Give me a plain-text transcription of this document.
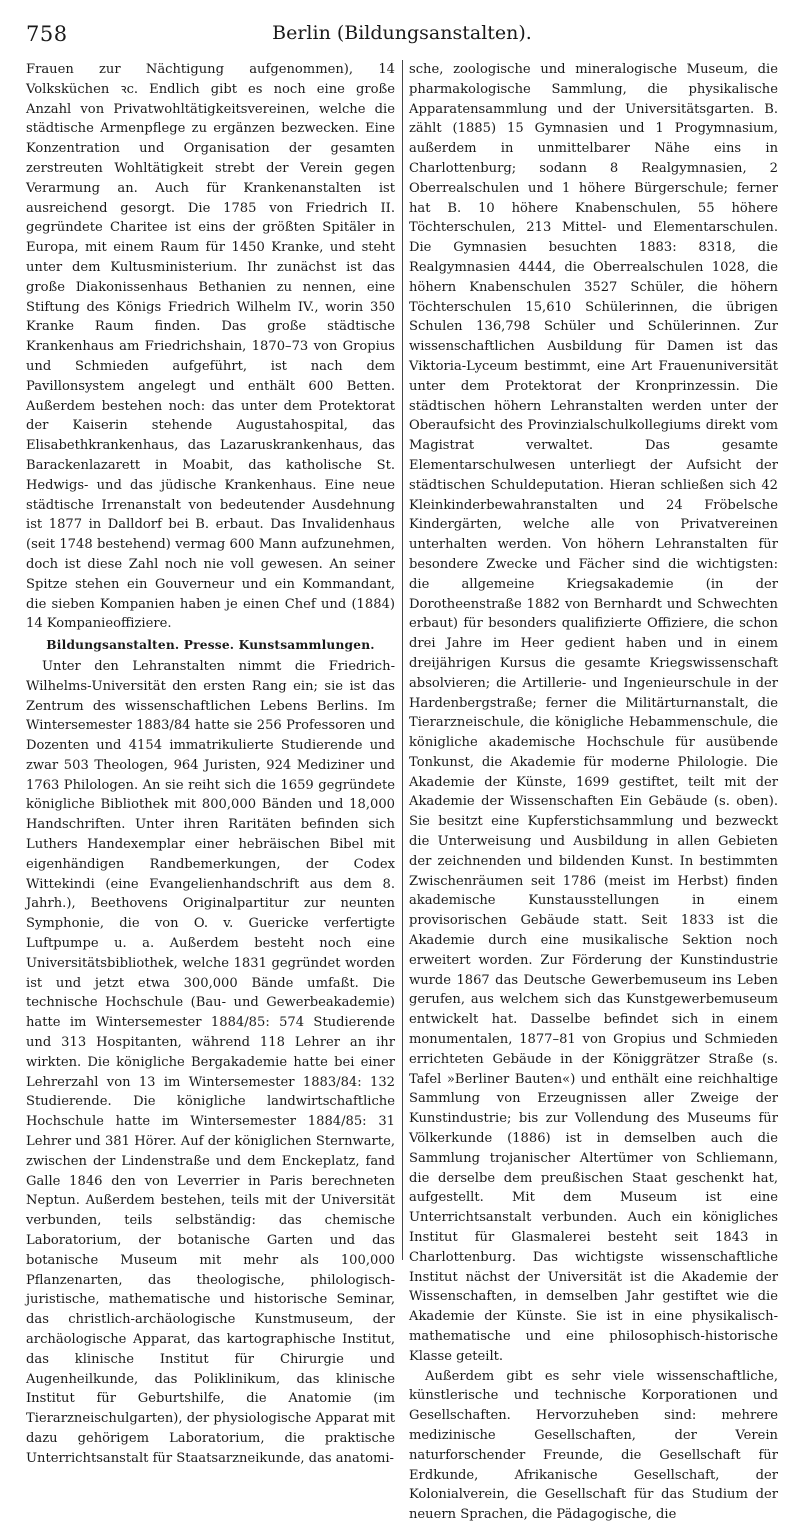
758	Berlin (Bildungsanstalten).

Frauen zur Nächtigung aufgenommen), 14 Volksküchen ꝛc. Endlich gibt es noch eine große Anzahl von Privatwohltätigkeitsvereinen, welche die städtische Armenpflege zu ergänzen bezwecken. Eine Konzentration und Organisation der gesamten zerstreuten Wohltätigkeit strebt der Verein gegen Verarmung an. Auch für Krankenanstalten ist ausreichend gesorgt. Die 1785 von Friedrich II. gegründete Charitee ist eins der größten Spitäler in Europa, mit einem Raum für 1450 Kranke, und steht unter dem Kultusministerium. Ihr zunächst ist das große Diakonissenhaus Bethanien zu nennen, eine Stiftung des Königs Friedrich Wilhelm IV., worin 350 Kranke Raum finden. Das große städtische Krankenhaus am Friedrichshain, 1870–73 von Gropius und Schmieden aufgeführt, ist nach dem Pavillonsystem angelegt und enthält 600 Betten. Außerdem bestehen noch: das unter dem Protektorat der Kaiserin stehende Augustahospital, das Elisabethkrankenhaus, das Lazaruskrankenhaus, das Barackenlazarett in Moabit, das katholische St. Hedwigs- und das jüdische Krankenhaus. Eine neue städtische Irrenanstalt von bedeutender Ausdehnung ist 1877 in Dalldorf bei B. erbaut. Das Invalidenhaus (seit 1748 bestehend) vermag 600 Mann aufzunehmen, doch ist diese Zahl noch nie voll gewesen. An seiner Spitze stehen ein Gouverneur und ein Kommandant, die sieben Kompanien haben je einen Chef und (1884) 14 Kompanieoffiziere.

Bildungsanstalten. Presse. Kunstsammlungen.

Unter den Lehranstalten nimmt die Friedrich-Wilhelms-Universität den ersten Rang ein; sie ist das Zentrum des wissenschaftlichen Lebens Berlins. Im Wintersemester 1883/84 hatte sie 256 Professoren und Dozenten und 4154 immatrikulierte Studierende und zwar 503 Theologen, 964 Juristen, 924 Mediziner und 1763 Philologen. An sie reiht sich die 1659 gegründete königliche Bibliothek mit 800,000 Bänden und 18,000 Handschriften. Unter ihren Raritäten befinden sich Luthers Handexemplar einer hebräischen Bibel mit eigenhändigen Randbemerkungen, der Codex Wittekindi (eine Evangelienhandschrift aus dem 8. Jahrh.), Beethovens Originalpartitur zur neunten Symphonie, die von O. v. Guericke verfertigte Luftpumpe u. a. Außerdem besteht noch eine Universitätsbibliothek, welche 1831 gegründet worden ist und jetzt etwa 300,000 Bände umfaßt. Die technische Hochschule (Bau- und Gewerbeakademie) hatte im Wintersemester 1884/85: 574 Studierende und 313 Hospitanten, während 118 Lehrer an ihr wirkten. Die königliche Bergakademie hatte bei einer Lehrerzahl von 13 im Wintersemester 1883/84: 132 Studierende. Die königliche landwirtschaftliche Hochschule hatte im Wintersemester 1884/85: 31 Lehrer und 381 Hörer. Auf der königlichen Sternwarte, zwischen der Lindenstraße und dem Enckeplatz, fand Galle 1846 den von Leverrier in Paris berechneten Neptun. Außerdem bestehen, teils mit der Universität verbunden, teils selbständig: das chemische Laboratorium, der botanische Garten und das botanische Museum mit mehr als 100,000 Pflanzenarten, das theologische, philologisch-juristische, mathematische und historische Seminar, das christlich-archäologische Kunstmuseum, der archäologische Apparat, das kartographische Institut, das klinische Institut für Chirurgie und Augenheilkunde, das Poliklinikum, das klinische Institut für Geburtshilfe, die Anatomie (im Tierarzneischulgarten), der physiologische Apparat mit dazu gehörigem Laboratorium, die praktische Unterrichtsanstalt für Staatsarzneikunde, das anatomi-

sche, zoologische und mineralogische Museum, die pharmakologische Sammlung, die physikalische Apparatensammlung und der Universitätsgarten. B. zählt (1885) 15 Gymnasien und 1 Progymnasium, außerdem in unmittelbarer Nähe eins in Charlottenburg; sodann 8 Realgymnasien, 2 Oberrealschulen und 1 höhere Bürgerschule; ferner hat B. 10 höhere Knabenschulen, 55 höhere Töchterschulen, 213 Mittel- und Elementarschulen. Die Gymnasien besuchten 1883: 8318, die Realgymnasien 4444, die Oberrealschulen 1028, die höhern Knabenschulen 3527 Schüler, die höhern Töchterschulen 15,610 Schülerinnen, die übrigen Schulen 136,798 Schüler und Schülerinnen. Zur wissenschaftlichen Ausbildung für Damen ist das Viktoria-Lyceum bestimmt, eine Art Frauenuniversität unter dem Protektorat der Kronprinzessin. Die städtischen höhern Lehranstalten werden unter der Oberaufsicht des Provinzialschulkollegiums direkt vom Magistrat verwaltet. Das gesamte Elementarschulwesen unterliegt der Aufsicht der städtischen Schuldeputation. Hieran schließen sich 42 Kleinkinderbewahranstalten und 24 Fröbelsche Kindergärten, welche alle von Privatvereinen unterhalten werden. Von höhern Lehranstalten für besondere Zwecke und Fächer sind die wichtigsten: die allgemeine Kriegsakademie (in der Dorotheenstraße 1882 von Bernhardt und Schwechten erbaut) für besonders qualifizierte Offiziere, die schon drei Jahre im Heer gedient haben und in einem dreijährigen Kursus die gesamte Kriegswissenschaft absolvieren; die Artillerie- und Ingenieurschule in der Hardenbergstraße; ferner die Militärturnanstalt, die Tierarzneischule, die königliche Hebammenschule, die königliche akademische Hochschule für ausübende Tonkunst, die Akademie für moderne Philologie. Die Akademie der Künste, 1699 gestiftet, teilt mit der Akademie der Wissenschaften Ein Gebäude (s. oben). Sie besitzt eine Kupferstichsammlung und bezweckt die Unterweisung und Ausbildung in allen Gebieten der zeichnenden und bildenden Kunst. In bestimmten Zwischenräumen seit 1786 (meist im Herbst) finden akademische Kunstausstellungen in einem provisorischen Gebäude statt. Seit 1833 ist die Akademie durch eine musikalische Sektion noch erweitert worden. Zur Förderung der Kunstindustrie wurde 1867 das Deutsche Gewerbemuseum ins Leben gerufen, aus welchem sich das Kunstgewerbemuseum entwickelt hat. Dasselbe befindet sich in einem monumentalen, 1877–81 von Gropius und Schmieden errichteten Gebäude in der Königgrätzer Straße (s. Tafel »Berliner Bauten«) und enthält eine reichhaltige Sammlung von Erzeugnissen aller Zweige der Kunstindustrie; bis zur Vollendung des Museums für Völkerkunde (1886) ist in demselben auch die Sammlung trojanischer Altertümer von Schliemann, die derselbe dem preußischen Staat geschenkt hat, aufgestellt. Mit dem Museum ist eine Unterrichtsanstalt verbunden. Auch ein königliches Institut für Glasmalerei besteht seit 1843 in Charlottenburg. Das wichtigste wissenschaftliche Institut nächst der Universität ist die Akademie der Wissenschaften, in demselben Jahr gestiftet wie die Akademie der Künste. Sie ist in eine physikalisch-mathematische und eine philosophisch-historische Klasse geteilt.

Außerdem gibt es sehr viele wissenschaftliche, künstlerische und technische Korporationen und Gesellschaften. Hervorzuheben sind: mehrere medizinische Gesellschaften, der Verein naturforschender Freunde, die Gesellschaft für Erdkunde, Afrikanische Gesellschaft, der Kolonialverein, die Gesellschaft für das Studium der neuern Sprachen, die Pädagogische, die
